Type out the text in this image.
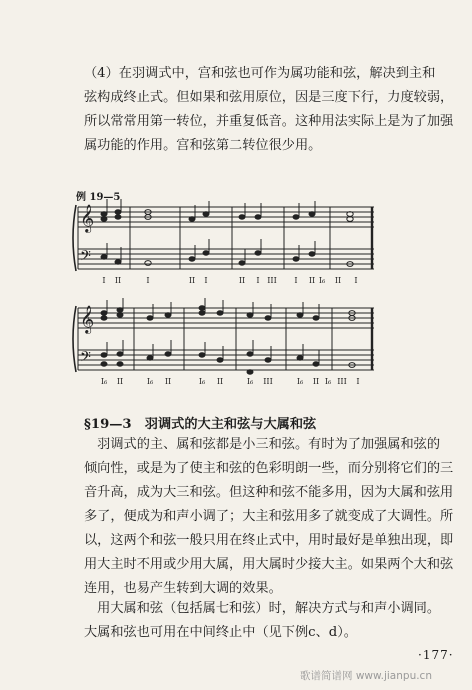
（4）在羽调式中，宫和弦也可作为属功能和弦，解决到主和
弦构成终止式。但如果和弦用原位，因是三度下行，力度较弱，
所以常常用第一转位，并重复低音。这种用法实际上是为了加强
属功能的作用。宫和弦第二转位很少用。
例 19—5
𝄞
𝄢
I II	I	II I	II I III I II I₆ II I
𝄞
𝄢
I₆ II	I₆ II	I₆ II	I₆ III	I₆ II I₆ III I
§19—3　羽调式的大主和弦与大属和弦
　羽调式的主、属和弦都是小三和弦。有时为了加强属和弦的
倾向性，或是为了使主和弦的色彩明朗一些，而分别将它们的三
音升高，成为大三和弦。但这种和弦不能多用，因为大属和弦用
多了，便成为和声小调了；大主和弦用多了就变成了大调性。所
以，这两个和弦一般只用在终止式中，用时最好是单独出现，即
用大主时不用或少用大属，用大属时少接大主。如果两个大和弦
连用，也易产生转到大调的效果。
　用大属和弦（包括属七和弦）时，解决方式与和声小调同。
大属和弦也可用在中间终止中（见下例c、d）。
·177·
歌谱简谱网 www.jianpu.cn
